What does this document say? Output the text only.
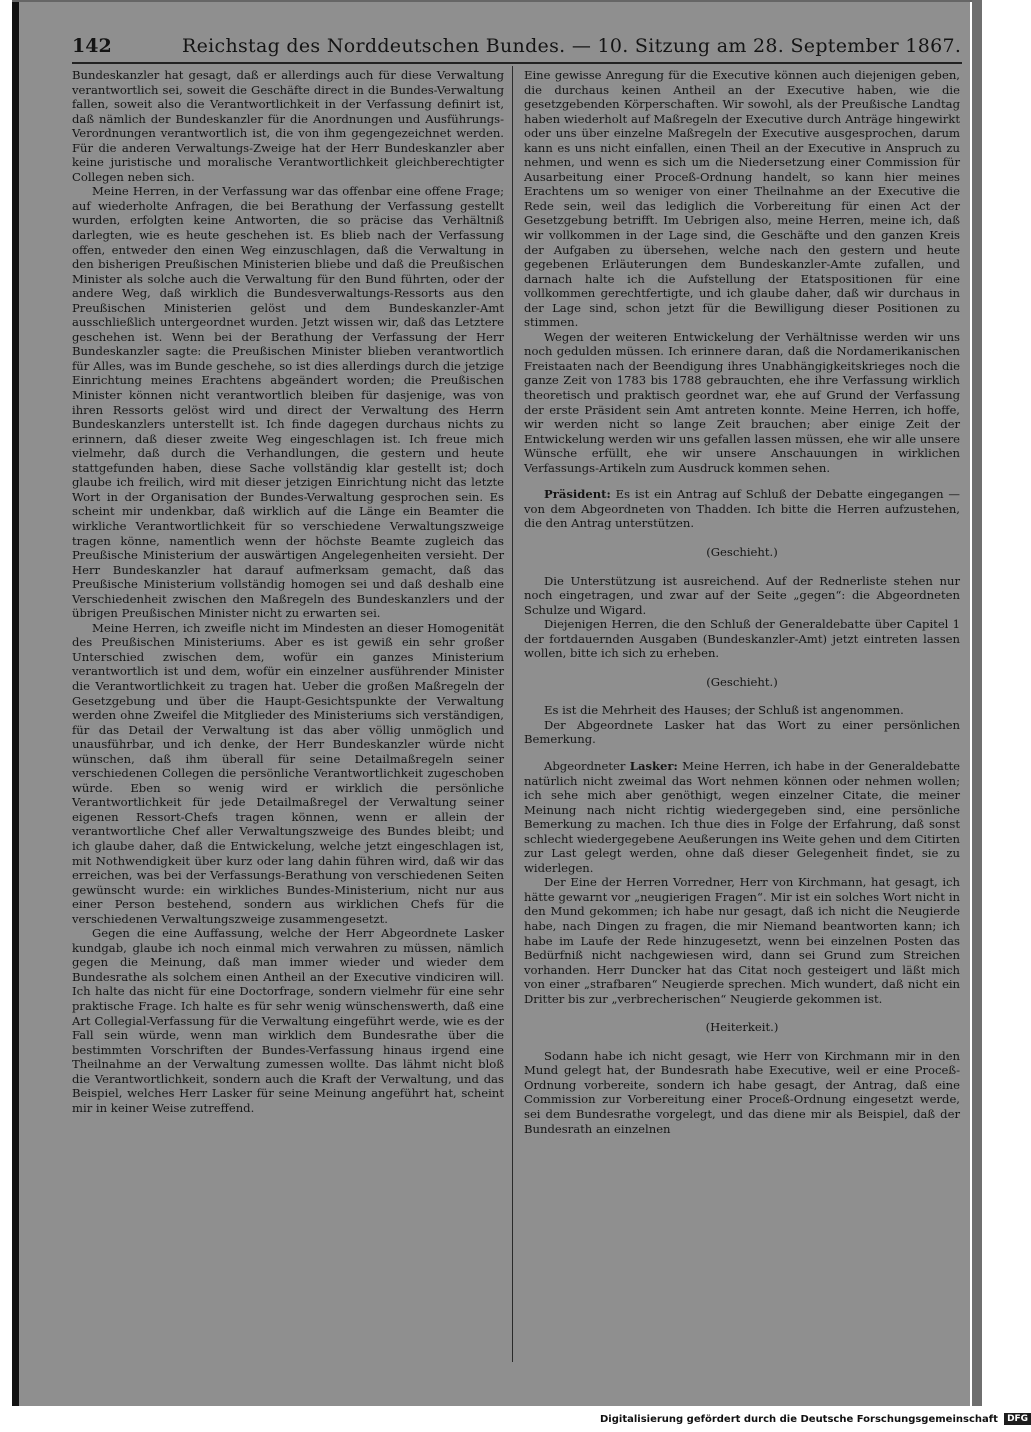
142	Reichstag des Norddeutschen Bundes. — 10. Sitzung am 28. September 1867.

Bundeskanzler hat gesagt, daß er allerdings auch für diese Verwaltung verantwortlich sei, soweit die Geschäfte direct in die Bundes-Verwaltung fallen, soweit also die Verantwortlichkeit in der Verfassung definirt ist, daß nämlich der Bundeskanzler für die Anordnungen und Ausführungs-Verordnungen verantwortlich ist, die von ihm gegengezeichnet werden. Für die anderen Verwaltungs-Zweige hat der Herr Bundeskanzler aber keine juristische und moralische Verantwortlichkeit gleichberechtigter Collegen neben sich.

Meine Herren, in der Verfassung war das offenbar eine offene Frage; auf wiederholte Anfragen, die bei Berathung der Verfassung gestellt wurden, erfolgten keine Antworten, die so präcise das Verhältniß darlegten, wie es heute geschehen ist. Es blieb nach der Verfassung offen, entweder den einen Weg einzuschlagen, daß die Verwaltung in den bisherigen Preußischen Ministerien bliebe und daß die Preußischen Minister als solche auch die Verwaltung für den Bund führten, oder der andere Weg, daß wirklich die Bundesverwaltungs-Ressorts aus den Preußischen Ministerien gelöst und dem Bundeskanzler-Amt ausschließlich untergeordnet wurden. Jetzt wissen wir, daß das Letztere geschehen ist. Wenn bei der Berathung der Verfassung der Herr Bundeskanzler sagte: die Preußischen Minister blieben verantwortlich für Alles, was im Bunde geschehe, so ist dies allerdings durch die jetzige Einrichtung meines Erachtens abgeändert worden; die Preußischen Minister können nicht verantwortlich bleiben für dasjenige, was von ihren Ressorts gelöst wird und direct der Verwaltung des Herrn Bundeskanzlers unterstellt ist. Ich finde dagegen durchaus nichts zu erinnern, daß dieser zweite Weg eingeschlagen ist. Ich freue mich vielmehr, daß durch die Verhandlungen, die gestern und heute stattgefunden haben, diese Sache vollständig klar gestellt ist; doch glaube ich freilich, wird mit dieser jetzigen Einrichtung nicht das letzte Wort in der Organisation der Bundes-Verwaltung gesprochen sein. Es scheint mir undenkbar, daß wirklich auf die Länge ein Beamter die wirkliche Verantwortlichkeit für so verschiedene Verwaltungszweige tragen könne, namentlich wenn der höchste Beamte zugleich das Preußische Ministerium der auswärtigen Angelegenheiten versieht. Der Herr Bundeskanzler hat darauf aufmerksam gemacht, daß das Preußische Ministerium vollständig homogen sei und daß deshalb eine Verschiedenheit zwischen den Maßregeln des Bundeskanzlers und der übrigen Preußischen Minister nicht zu erwarten sei.

Meine Herren, ich zweifle nicht im Mindesten an dieser Homogenität des Preußischen Ministeriums. Aber es ist gewiß ein sehr großer Unterschied zwischen dem, wofür ein ganzes Ministerium verantwortlich ist und dem, wofür ein einzelner ausführender Minister die Verantwortlichkeit zu tragen hat. Ueber die großen Maßregeln der Gesetzgebung und über die Haupt-Gesichtspunkte der Verwaltung werden ohne Zweifel die Mitglieder des Ministeriums sich verständigen, für das Detail der Verwaltung ist das aber völlig unmöglich und unausführbar, und ich denke, der Herr Bundeskanzler würde nicht wünschen, daß ihm überall für seine Detailmaßregeln seiner verschiedenen Collegen die persönliche Verantwortlichkeit zugeschoben würde. Eben so wenig wird er wirklich die persönliche Verantwortlichkeit für jede Detailmaßregel der Verwaltung seiner eigenen Ressort-Chefs tragen können, wenn er allein der verantwortliche Chef aller Verwaltungszweige des Bundes bleibt; und ich glaube daher, daß die Entwickelung, welche jetzt eingeschlagen ist, mit Nothwendigkeit über kurz oder lang dahin führen wird, daß wir das erreichen, was bei der Verfassungs-Berathung von verschiedenen Seiten gewünscht wurde: ein wirkliches Bundes-Ministerium, nicht nur aus einer Person bestehend, sondern aus wirklichen Chefs für die verschiedenen Verwaltungszweige zusammengesetzt.

Gegen die eine Auffassung, welche der Herr Abgeordnete Lasker kundgab, glaube ich noch einmal mich verwahren zu müssen, nämlich gegen die Meinung, daß man immer wieder und wieder dem Bundesrathe als solchem einen Antheil an der Executive vindiciren will. Ich halte das nicht für eine Doctorfrage, sondern vielmehr für eine sehr praktische Frage. Ich halte es für sehr wenig wünschenswerth, daß eine Art Collegial-Verfassung für die Verwaltung eingeführt werde, wie es der Fall sein würde, wenn man wirklich dem Bundesrathe über die bestimmten Vorschriften der Bundes-Verfassung hinaus irgend eine Theilnahme an der Verwaltung zumessen wollte. Das lähmt nicht bloß die Verantwortlichkeit, sondern auch die Kraft der Verwaltung, und das Beispiel, welches Herr Lasker für seine Meinung angeführt hat, scheint mir in keiner Weise zutreffend.

Eine gewisse Anregung für die Executive können auch diejenigen geben, die durchaus keinen Antheil an der Executive haben, wie die gesetzgebenden Körperschaften. Wir sowohl, als der Preußische Landtag haben wiederholt auf Maßregeln der Executive durch Anträge hingewirkt oder uns über einzelne Maßregeln der Executive ausgesprochen, darum kann es uns nicht einfallen, einen Theil an der Executive in Anspruch zu nehmen, und wenn es sich um die Niedersetzung einer Commission für Ausarbeitung einer Proceß-Ordnung handelt, so kann hier meines Erachtens um so weniger von einer Theilnahme an der Executive die Rede sein, weil das lediglich die Vorbereitung für einen Act der Gesetzgebung betrifft. Im Uebrigen also, meine Herren, meine ich, daß wir vollkommen in der Lage sind, die Geschäfte und den ganzen Kreis der Aufgaben zu übersehen, welche nach den gestern und heute gegebenen Erläuterungen dem Bundeskanzler-Amte zufallen, und darnach halte ich die Aufstellung der Etatspositionen für eine vollkommen gerechtfertigte, und ich glaube daher, daß wir durchaus in der Lage sind, schon jetzt für die Bewilligung dieser Positionen zu stimmen.

Wegen der weiteren Entwickelung der Verhältnisse werden wir uns noch gedulden müssen. Ich erinnere daran, daß die Nordamerikanischen Freistaaten nach der Beendigung ihres Unabhängigkeitskrieges noch die ganze Zeit von 1783 bis 1788 gebrauchten, ehe ihre Verfassung wirklich theoretisch und praktisch geordnet war, ehe auf Grund der Verfassung der erste Präsident sein Amt antreten konnte. Meine Herren, ich hoffe, wir werden nicht so lange Zeit brauchen; aber einige Zeit der Entwickelung werden wir uns gefallen lassen müssen, ehe wir alle unsere Wünsche erfüllt, ehe wir unsere Anschauungen in wirklichen Verfassungs-Artikeln zum Ausdruck kommen sehen.

Präsident: Es ist ein Antrag auf Schluß der Debatte eingegangen — von dem Abgeordneten von Thadden. Ich bitte die Herren aufzustehen, die den Antrag unterstützen.

(Geschieht.)

Die Unterstützung ist ausreichend. Auf der Rednerliste stehen nur noch eingetragen, und zwar auf der Seite „gegen“: die Abgeordneten Schulze und Wigard.

Diejenigen Herren, die den Schluß der Generaldebatte über Capitel 1 der fortdauernden Ausgaben (Bundeskanzler-Amt) jetzt eintreten lassen wollen, bitte ich sich zu erheben.

(Geschieht.)

Es ist die Mehrheit des Hauses; der Schluß ist angenommen.

Der Abgeordnete Lasker hat das Wort zu einer persönlichen Bemerkung.

Abgeordneter Lasker: Meine Herren, ich habe in der Generaldebatte natürlich nicht zweimal das Wort nehmen können oder nehmen wollen; ich sehe mich aber genöthigt, wegen einzelner Citate, die meiner Meinung nach nicht richtig wiedergegeben sind, eine persönliche Bemerkung zu machen. Ich thue dies in Folge der Erfahrung, daß sonst schlecht wiedergegebene Aeußerungen ins Weite gehen und dem Citirten zur Last gelegt werden, ohne daß dieser Gelegenheit findet, sie zu widerlegen.

Der Eine der Herren Vorredner, Herr von Kirchmann, hat gesagt, ich hätte gewarnt vor „neugierigen Fragen“. Mir ist ein solches Wort nicht in den Mund gekommen; ich habe nur gesagt, daß ich nicht die Neugierde habe, nach Dingen zu fragen, die mir Niemand beantworten kann; ich habe im Laufe der Rede hinzugesetzt, wenn bei einzelnen Posten das Bedürfniß nicht nachgewiesen wird, dann sei Grund zum Streichen vorhanden. Herr Duncker hat das Citat noch gesteigert und läßt mich von einer „strafbaren“ Neugierde sprechen. Mich wundert, daß nicht ein Dritter bis zur „verbrecherischen“ Neugierde gekommen ist.

(Heiterkeit.)

Sodann habe ich nicht gesagt, wie Herr von Kirchmann mir in den Mund gelegt hat, der Bundesrath habe Executive, weil er eine Proceß-Ordnung vorbereite, sondern ich habe gesagt, der Antrag, daß eine Commission zur Vorbereitung einer Proceß-Ordnung eingesetzt werde, sei dem Bundesrathe vorgelegt, und das diene mir als Beispiel, daß der Bundesrath an einzelnen

Digitalisierung gefördert durch die Deutsche Forschungsgemeinschaft DFG
